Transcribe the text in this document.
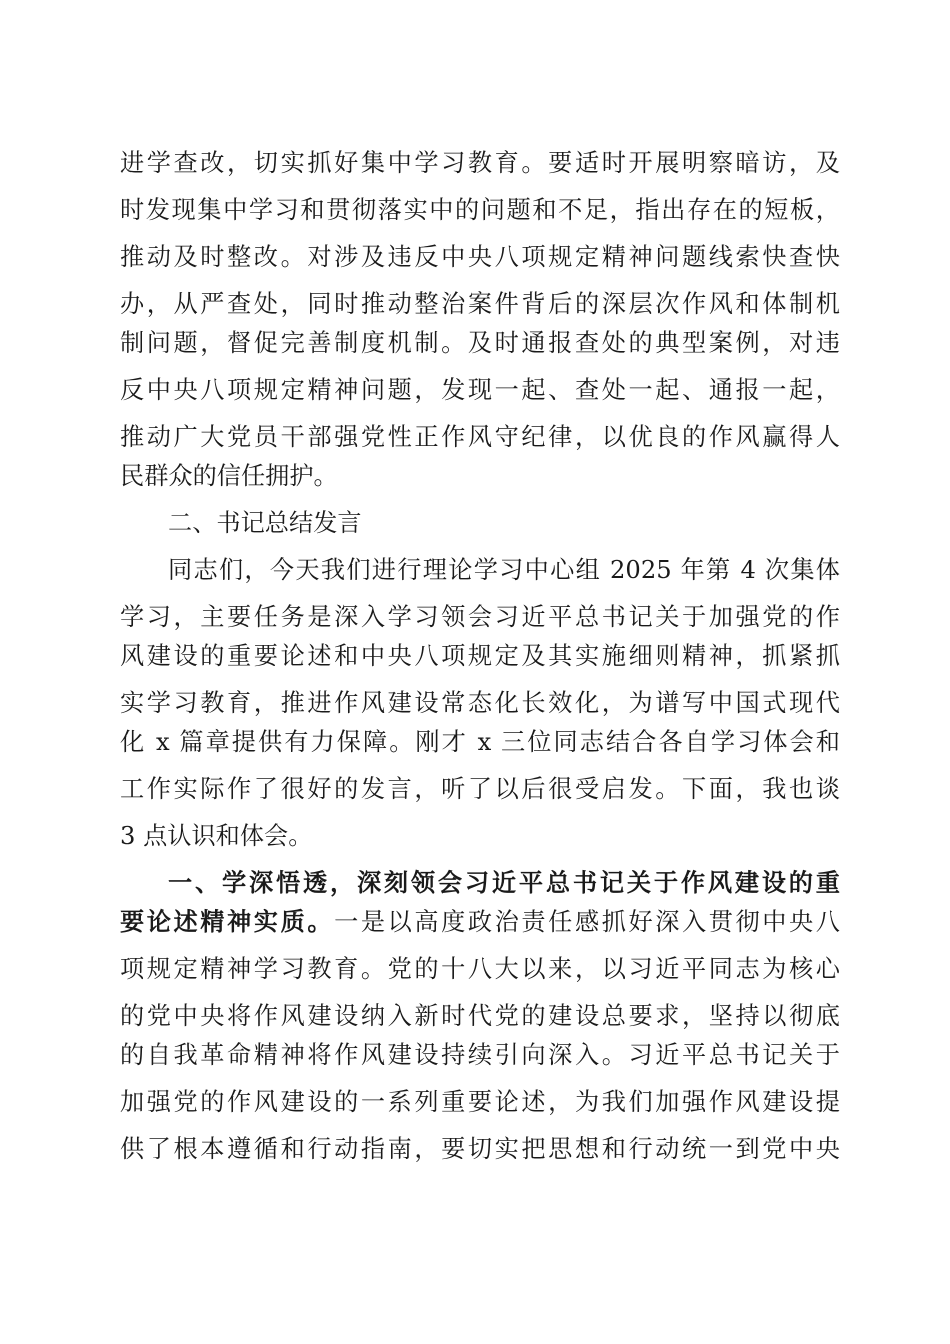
进学查改，切实抓好集中学习教育。要适时开展明察暗访，及
时发现集中学习和贯彻落实中的问题和不足，指出存在的短板，
推动及时整改。对涉及违反中央八项规定精神问题线索快查快
办，从严查处，同时推动整治案件背后的深层次作风和体制机
制问题，督促完善制度机制。及时通报查处的典型案例，对违
反中央八项规定精神问题，发现一起、查处一起、通报一起，
推动广大党员干部强党性正作风守纪律，以优良的作风赢得人
民群众的信任拥护。
二、书记总结发言
同志们，今天我们进行理论学习中心组 2025 年第 4 次集体
学习，主要任务是深入学习领会习近平总书记关于加强党的作
风建设的重要论述和中央八项规定及其实施细则精神，抓紧抓
实学习教育，推进作风建设常态化长效化，为谱写中国式现代
化 x 篇章提供有力保障。刚才 x 三位同志结合各自学习体会和
工作实际作了很好的发言，听了以后很受启发。下面，我也谈
3 点认识和体会。
一、学深悟透，深刻领会习近平总书记关于作风建设的重
要论述精神实质。一是以高度政治责任感抓好深入贯彻中央八
项规定精神学习教育。党的十八大以来，以习近平同志为核心
的党中央将作风建设纳入新时代党的建设总要求，坚持以彻底
的自我革命精神将作风建设持续引向深入。习近平总书记关于
加强党的作风建设的一系列重要论述，为我们加强作风建设提
供了根本遵循和行动指南，要切实把思想和行动统一到党中央
